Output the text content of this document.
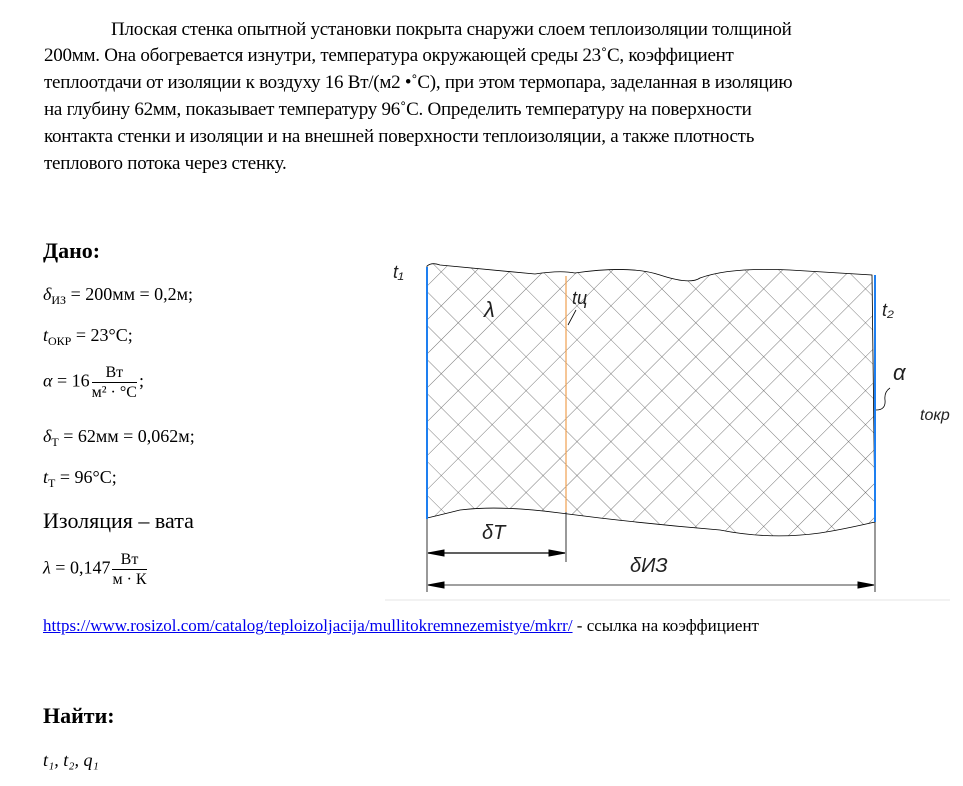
Плоская стенка опытной установки покрыта снаружи слоем теплоизоляции толщиной
200мм. Она обогревается изнутри, температура окружающей среды 23˚С, коэффициент
теплоотдачи от изоляции к воздуху 16 Вт/(м2 •˚С), при этом термопара, заделанная в изоляцию
на глубину 62мм, показывает температуру 96˚С. Определить температуру на поверхности
контакта стенки и изоляции и на внешней поверхности теплоизоляции, а также плотность
теплового потока через стенку.
Дано:
$\delta_{ИЗ} = 200мм = 0,2м$;
$t_{ОКР} = 23^\circ C$;
$\alpha = 16 \frac{Вт}{\text{м² · °C}}$ ;
$\delta_Т = 62мм = 0,062м$;
$t_Т = 96^\circ C$;
Изоляция – вата
$\lambda = 0,147 \frac{Вт}{м \cdot К}$
t₁
λ	tц
t₂
α
tокр
δТ
δИЗ
https://www.rosizol.com/catalog/teploizoljacija/mullitokremnezemistye/mkrr/ - ссылка на коэффициент
Найти:
t₁, t₂, q₁
